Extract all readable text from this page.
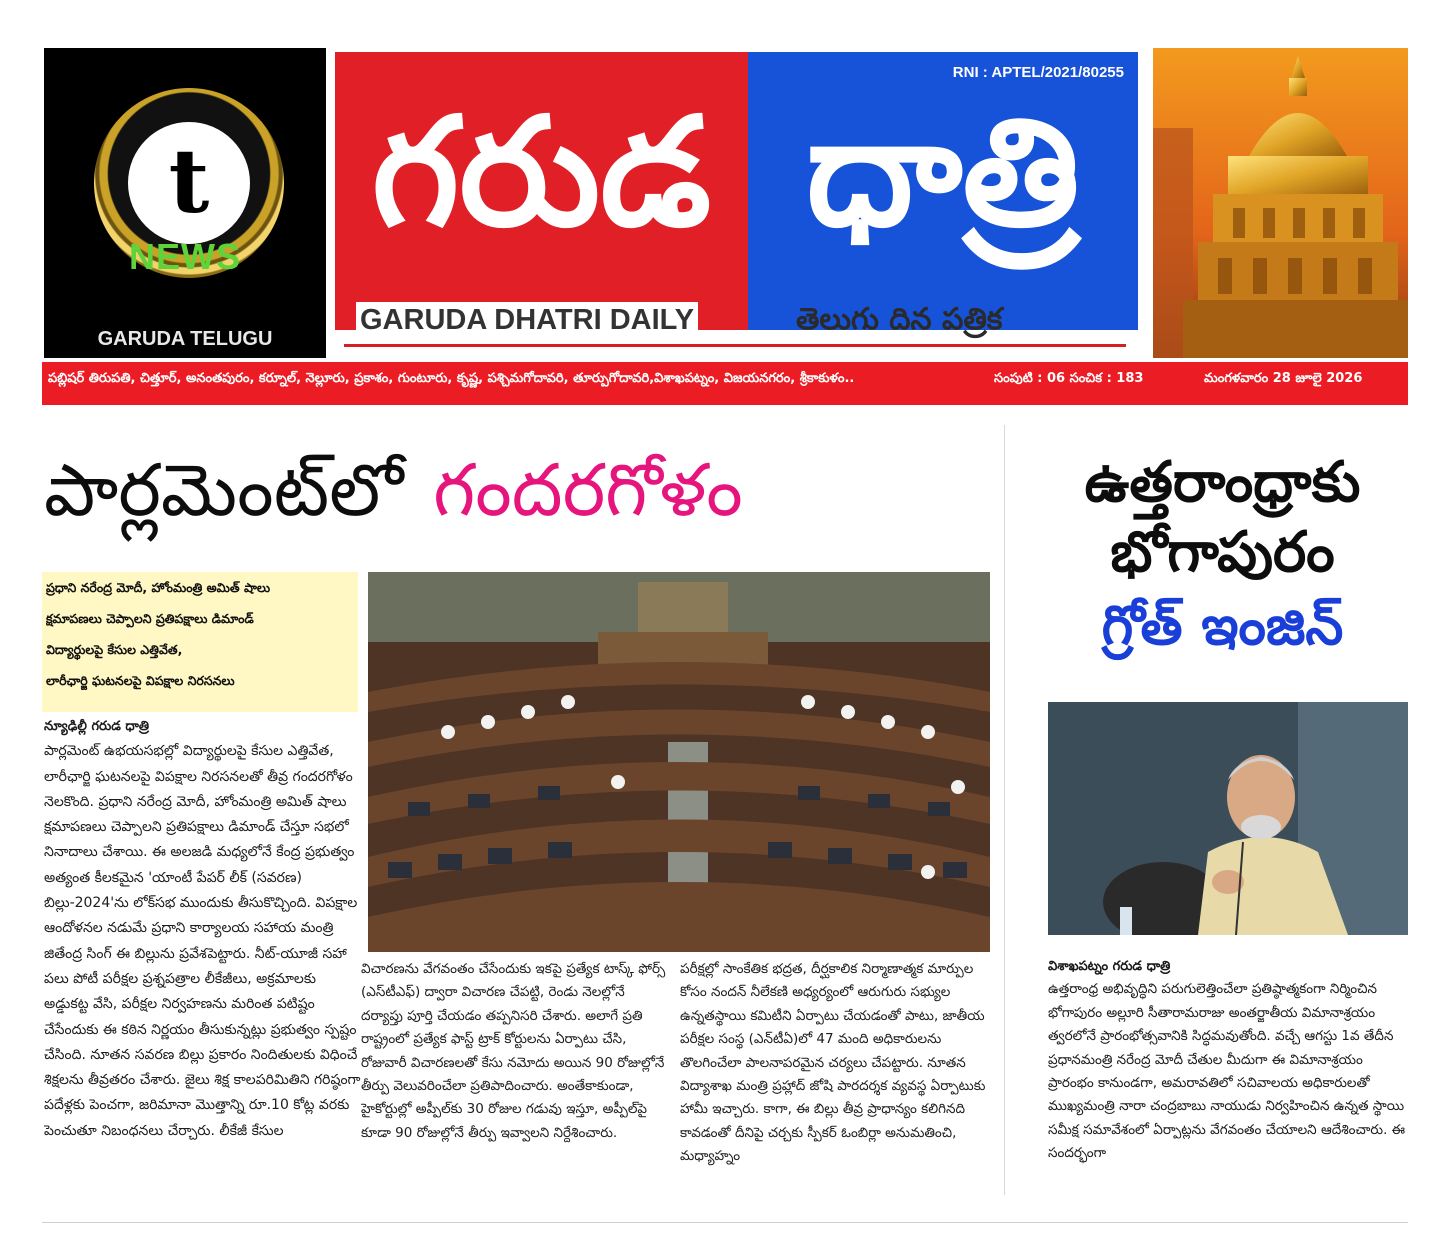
t
NEWS
GARUDA TELUGU
గరుడ ధాత్రి
RNI : APTEL/2021/80255
GARUDA DHATRI DAILY	తెలుగు దిన పత్రిక
పబ్లిషర్ తిరుపతి, చిత్తూర్, అనంతపురం, కర్నూల్, నెల్లూరు, ప్రకాశం, గుంటూరు, కృష్ణ, పశ్చిమగోదావరి, తూర్పుగోదావరి,విశాఖపట్నం, విజయనగరం, శ్రీకాకుళం..	సంపుటి : 06 సంచిక : 183	మంగళవారం 28 జూలై 2026
పార్లమెంట్‌లో గందరగోళం
ప్రధాని నరేంద్ర మోదీ, హోంమంత్రి అమిత్ షాలు
క్షమాపణలు చెప్పాలని ప్రతిపక్షాలు డిమాండ్
విద్యార్థులపై కేసుల ఎత్తివేత,
లారీఛార్జి ఘటనలపై విపక్షాల నిరసనలు
న్యూఢిల్లీ గరుడ ధాత్రి
పార్లమెంట్ ఉభయసభల్లో విద్యార్థులపై కేసుల ఎత్తివేత, లారీఛార్జి ఘటనలపై విపక్షాల నిరసనలతో తీవ్ర గందరగోళం నెలకొంది. ప్రధాని నరేంద్ర మోదీ, హోంమంత్రి అమిత్ షాలు క్షమాపణలు చెప్పాలని ప్రతిపక్షాలు డిమాండ్ చేస్తూ సభలో నినాదాలు చేశాయి. ఈ అలజడి మధ్యలోనే కేంద్ర ప్రభుత్వం అత్యంత కీలకమైన 'యాంటీ పేపర్ లీక్ (సవరణ) బిల్లు-2024'ను లోక్‌సభ ముందుకు తీసుకొచ్చింది. విపక్షాల ఆందోళనల నడుమే ప్రధాని కార్యాలయ సహాయ మంత్రి జితేంద్ర సింగ్ ఈ బిల్లును ప్రవేశపెట్టారు. నీట్-యూజీ సహా పలు పోటీ పరీక్షల ప్రశ్నపత్రాల లీకేజీలు, అక్రమాలకు అడ్డుకట్ట వేసి, పరీక్షల నిర్వహణను మరింత పటిష్టం చేసేందుకు ఈ కఠిన నిర్ణయం తీసుకున్నట్లు ప్రభుత్వం స్పష్టం చేసింది. నూతన సవరణ బిల్లు ప్రకారం నిందితులకు విధించే శిక్షలను తీవ్రతరం చేశారు. జైలు శిక్ష కాలపరిమితిని గరిష్ఠంగా పదేళ్లకు పెంచగా, జరిమానా మొత్తాన్ని రూ.10 కోట్ల వరకు పెంచుతూ నిబంధనలు చేర్చారు. లీకేజీ కేసుల
విచారణను వేగవంతం చేసేందుకు ఇకపై ప్రత్యేక టాస్క్ ఫోర్స్ (ఎస్‌టీఎఫ్) ద్వారా విచారణ చేపట్టి, రెండు నెలల్లోనే దర్యాప్తు పూర్తి చేయడం తప్పనిసరి చేశారు. అలాగే ప్రతి రాష్ట్రంలో ప్రత్యేక ఫాస్ట్ ట్రాక్ కోర్టులను ఏర్పాటు చేసి, రోజువారీ విచారణలతో కేసు నమోదు అయిన 90 రోజుల్లోనే తీర్పు వెలువరించేలా ప్రతిపాదించారు. అంతేకాకుండా, హైకోర్టుల్లో అప్పీల్‌కు 30 రోజుల గడువు ఇస్తూ, అప్పీల్‌పై కూడా 90 రోజుల్లోనే తీర్పు ఇవ్వాలని నిర్దేశించారు.
పరీక్షల్లో సాంకేతిక భద్రత, దీర్ఘకాలిక నిర్మాణాత్మక మార్పుల కోసం నందన్ నీలేకణి అధ్యర్యంలో ఆరుగురు సభ్యుల ఉన్నతస్థాయి కమిటీని ఏర్పాటు చేయడంతో పాటు, జాతీయ పరీక్షల సంస్థ (ఎన్‌టీఏ)లో 47 మంది అధికారులను తొలగించేలా పాలనాపరమైన చర్యలు చేపట్టారు. నూతన విద్యాశాఖ మంత్రి ప్రహ్లాద్ జోషి పారదర్శక వ్యవస్థ ఏర్పాటుకు హామీ ఇచ్చారు. కాగా, ఈ బిల్లు తీవ్ర ప్రాధాన్యం కలిగినది కావడంతో దీనిపై చర్చకు స్పీకర్ ఓంబిర్లా అనుమతించి, మధ్యాహ్నం
ఉత్తరాంధ్రాకు
భోగాపురం
గ్రోత్ ఇంజిన్
విశాఖపట్నం గరుడ ధాత్రి
ఉత్తరాంధ్ర అభివృద్ధిని పరుగులెత్తించేలా ప్రతిష్ఠాత్మకంగా నిర్మించిన భోగాపురం అల్లూరి సీతారామరాజు అంతర్జాతీయ విమానాశ్రయం త్వరలోనే ప్రారంభోత్సవానికి సిద్ధమవుతోంది. వచ్చే ఆగస్టు 1వ తేదీన ప్రధానమంత్రి నరేంద్ర మోదీ చేతుల మీదుగా ఈ విమానాశ్రయం ప్రారంభం కానుండగా, అమరావతిలో సచివాలయ అధికారులతో ముఖ్యమంత్రి నారా చంద్రబాబు నాయుడు నిర్వహించిన ఉన్నత స్థాయి సమీక్ష సమావేశంలో ఏర్పాట్లను వేగవంతం చేయాలని ఆదేశించారు. ఈ సందర్భంగా
